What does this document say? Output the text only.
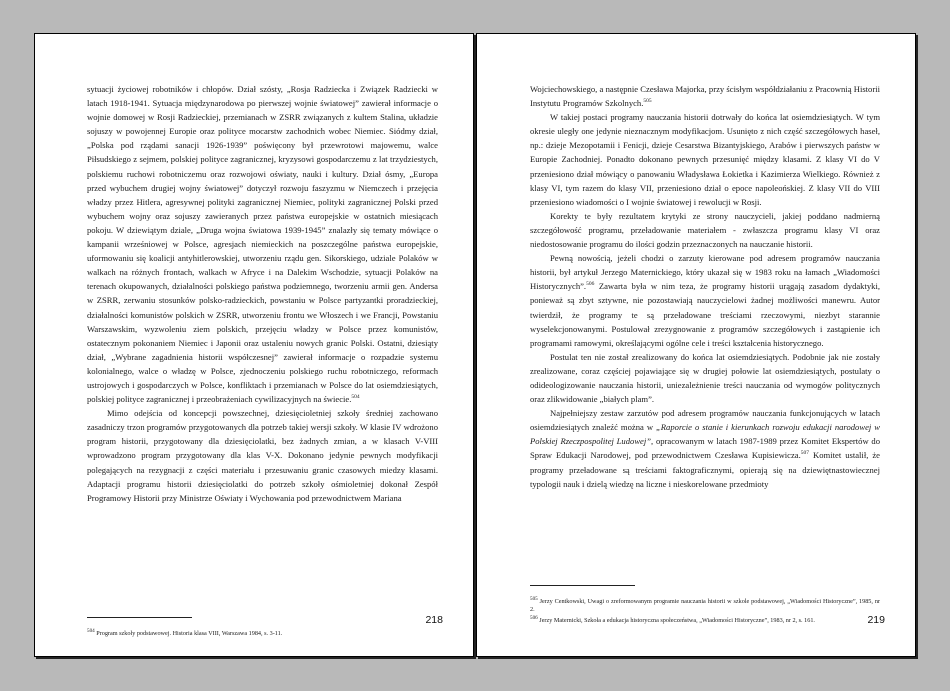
sytuacji życiowej robotników i chłopów. Dział szósty, „Rosja Radziecka i Związek Radziecki w latach 1918-1941. Sytuacja międzynarodowa po pierwszej wojnie światowej” zawierał informacje o wojnie domowej w Rosji Radzieckiej, przemianach w ZSRR związanych z kultem Stalina, układzie sojuszy w powojennej Europie oraz polityce mocarstw zachodnich wobec Niemiec. Siódmy dział, „Polska pod rządami sanacji 1926-1939” poświęcony był przewrotowi majowemu, walce Piłsudskiego z sejmem, polskiej polityce zagranicznej, kryzysowi gospodarczemu z lat trzydziestych, polskiemu ruchowi robotniczemu oraz rozwojowi oświaty, nauki i kultury. Dział ósmy, „Europa przed wybuchem drugiej wojny światowej” dotyczył rozwoju faszyzmu w Niemczech i przejęcia władzy przez Hitlera, agresywnej polityki zagranicznej Niemiec, polityki zagranicznej Polski przed wybuchem wojny oraz sojuszy zawieranych przez państwa europejskie w ostatnich miesiącach pokoju. W dziewiątym dziale, „Druga wojna światowa 1939-1945” znalazły się tematy mówiące o kampanii wrześniowej w Polsce, agresjach niemieckich na poszczególne państwa europejskie, uformowaniu się koalicji antyhitlerowskiej, utworzeniu rządu gen. Sikorskiego, udziale Polaków w walkach na różnych frontach, walkach w Afryce i na Dalekim Wschodzie, sytuacji Polaków na terenach okupowanych, działalności polskiego państwa podziemnego, tworzeniu armii gen. Andersa w ZSRR, zerwaniu stosunków polsko-radzieckich, powstaniu w Polsce partyzantki proradzieckiej, działalności komunistów polskich w ZSRR, utworzeniu frontu we Włoszech i we Francji, Powstaniu Warszawskim, wyzwoleniu ziem polskich, przejęciu władzy w Polsce przez komunistów, ostatecznym pokonaniem Niemiec i Japonii oraz ustaleniu nowych granic Polski. Ostatni, dziesiąty dział, „Wybrane zagadnienia historii współczesnej” zawierał informacje o rozpadzie systemu kolonialnego, walce o władzę w Polsce, zjednoczeniu polskiego ruchu robotniczego, reformach ustrojowych i gospodarczych w Polsce, konfliktach i przemianach w Polsce do lat osiemdziesiątych, polskiej polityce zagranicznej i przeobrażeniach cywilizacyjnych na świecie.$^{504}$

Mimo odejścia od koncepcji powszechnej, dziesięcioletniej szkoły średniej zachowano zasadniczy trzon programów przygotowanych dla potrzeb takiej wersji szkoły. W klasie IV wdrożono program historii, przygotowany dla dziesięciolatki, bez żadnych zmian, a w klasach V-VIII wprowadzono program przygotowany dla klas V-X. Dokonano jedynie pewnych modyfikacji polegających na rezygnacji z części materiału i przesuwaniu granic czasowych miedzy klasami. Adaptacji programu historii dziesięciolatki do potrzeb szkoły ośmioletniej dokonał Zespół Programowy Historii przy Ministrze Oświaty i Wychowania pod przewodnictwem Mariana

$^{504}$ Program szkoły podstawowej. Historia klasa VIII, Warszawa 1984, s. 3-11.
218

Wojciechowskiego, a następnie Czesława Majorka, przy ścisłym współdziałaniu z Pracownią Historii Instytutu Programów Szkolnych.$^{505}$

W takiej postaci programy nauczania historii dotrwały do końca lat osiemdziesiątych. W tym okresie uległy one jedynie nieznacznym modyfikacjom. Usunięto z nich część szczegółowych haseł, np.: dzieje Mezopotamii i Fenicji, dzieje Cesarstwa Bizantyjskiego, Arabów i pierwszych państw w Europie Zachodniej. Ponadto dokonano pewnych przesunięć między klasami. Z klasy VI do V przeniesiono dział mówiący o panowaniu Władysława Łokietka i Kazimierza Wielkiego. Również z klasy VI, tym razem do klasy VII, przeniesiono dział o epoce napoleońskiej. Z klasy VII do VIII przeniesiono wiadomości o I wojnie światowej i rewolucji w Rosji.

Korekty te były rezultatem krytyki ze strony nauczycieli, jakiej poddano nadmierną szczegółowość programu, przeładowanie materiałem - zwłaszcza programu klasy VI oraz niedostosowanie programu do ilości godzin przeznaczonych na nauczanie historii.

Pewną nowością, jeżeli chodzi o zarzuty kierowane pod adresem programów nauczania historii, był artykuł Jerzego Maternickiego, który ukazał się w 1983 roku na łamach „Wiadomości Historycznych”.$^{506}$ Zawarta była w nim teza, że programy historii urągają zasadom dydaktyki, ponieważ są zbyt sztywne, nie pozostawiają nauczycielowi żadnej możliwości manewru. Autor twierdził, że programy te są przeładowane treściami rzeczowymi, niezbyt starannie wyselekcjonowanymi. Postulował zrezygnowanie z programów szczegółowych i zastąpienie ich programami ramowymi, określającymi ogólne cele i treści kształcenia historycznego.

Postulat ten nie został zrealizowany do końca lat osiemdziesiątych. Podobnie jak nie zostały zrealizowane, coraz częściej pojawiające się w drugiej połowie lat osiemdziesiątych, postulaty o odideologizowanie nauczania historii, uniezależnienie treści nauczania od wymogów politycznych oraz zlikwidowanie „białych plam”.

Najpełniejszy zestaw zarzutów pod adresem programów nauczania funkcjonujących w latach osiemdziesiątych znaleźć można w „Raporcie o stanie i kierunkach rozwoju edukacji narodowej w Polskiej Rzeczpospolitej Ludowej”, opracowanym w latach 1987-1989 przez Komitet Ekspertów do Spraw Edukacji Narodowej, pod przewodnictwem Czesława Kupisiewicza.$^{507}$ Komitet ustalił, że programy przeładowane są treściami faktograficznymi, opierają się na dziewiętnastowiecznej typologii nauk i dzielą wiedzę na liczne i nieskorelowane przedmioty

$^{505}$ Jerzy Centkowski, Uwagi o zreformowanym programie nauczania historii w szkole podstawowej, „Wiadomości Historyczne”, 1985, nr 2.
$^{506}$ Jerzy Maternicki, Szkoła a edukacja historyczna społeczeństwa, „Wiadomości Historyczne”, 1983, nr 2, s. 161.	219
